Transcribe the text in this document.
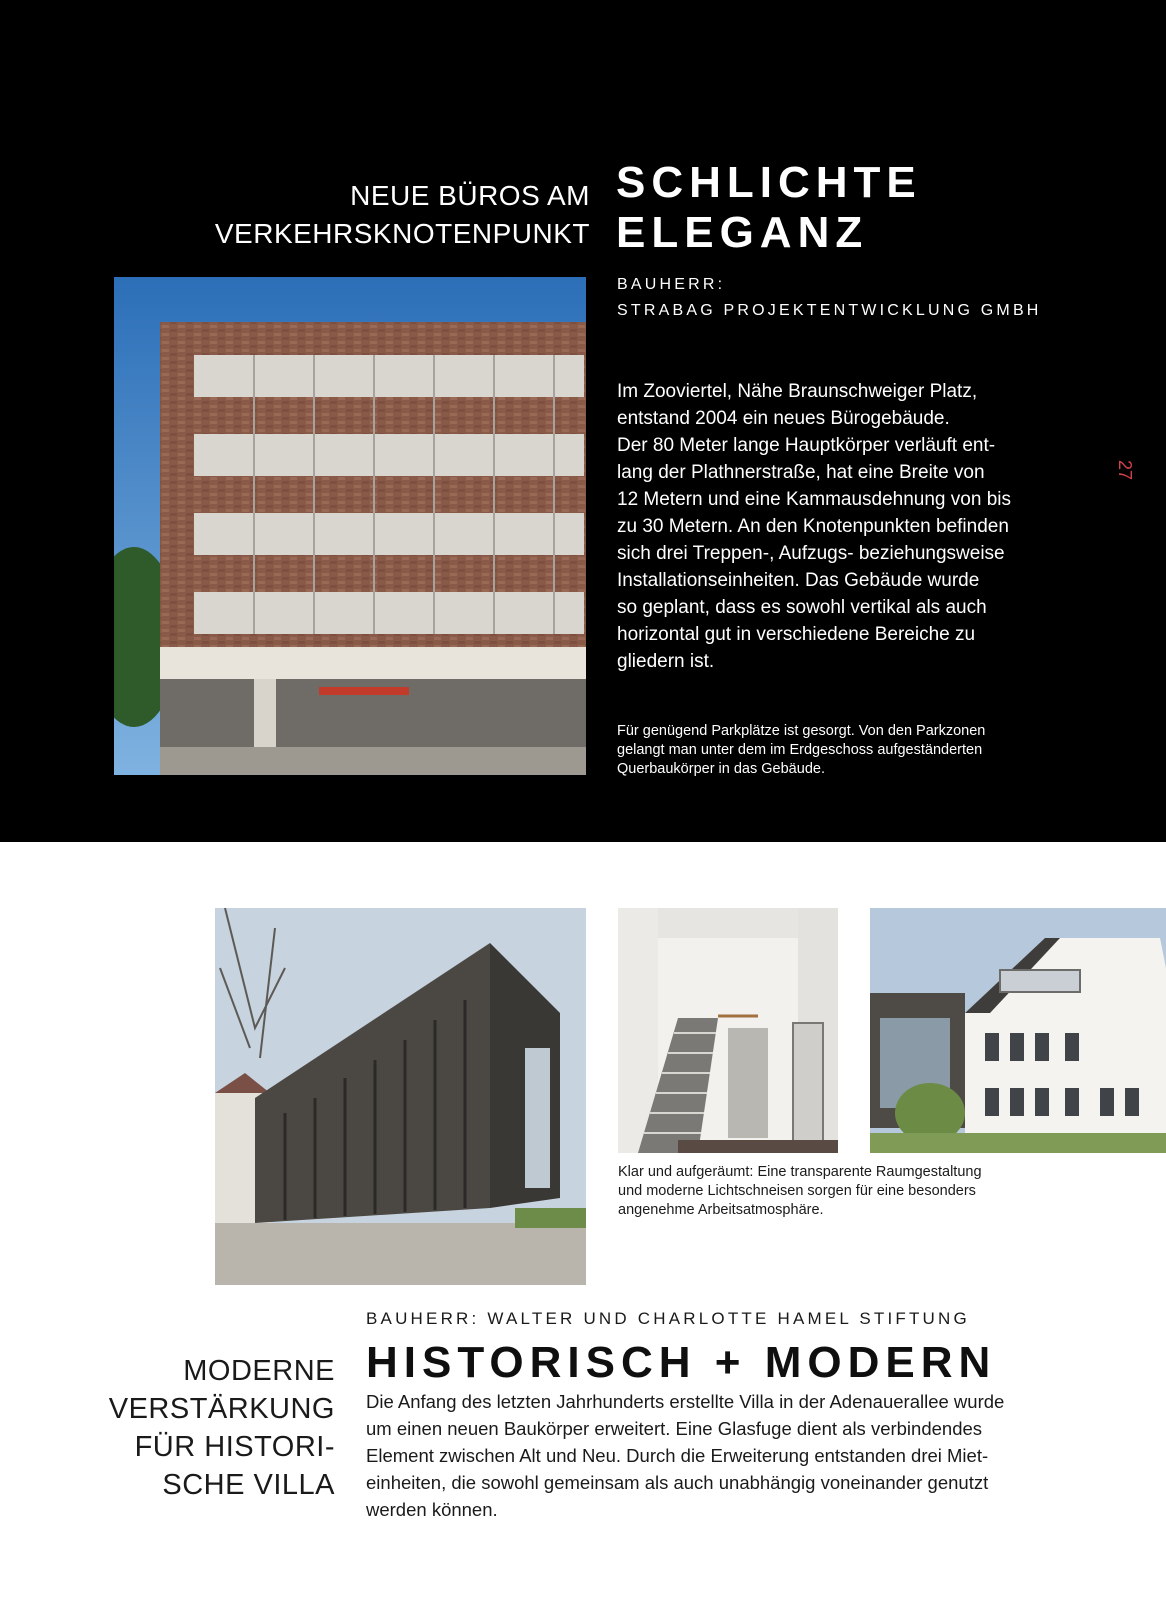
NEUE BÜROS AM
VERKEHRSKNOTENPUNKT
SCHLICHTE
ELEGANZ
BAUHERR:
STRABAG PROJEKTENTWICKLUNG GMBH
Im Zooviertel, Nähe Braunschweiger Platz,
entstand 2004 ein neues Bürogebäude.
Der 80 Meter lange Hauptkörper verläuft ent-
lang der Plathnerstraße, hat eine Breite von
12 Metern und eine Kammausdehnung von bis
zu 30 Metern. An den Knotenpunkten befinden
sich drei Treppen-, Aufzugs- beziehungsweise
Installationseinheiten. Das Gebäude wurde
so geplant, dass es sowohl vertikal als auch
horizontal gut in verschiedene Bereiche zu
gliedern ist.
Für genügend Parkplätze ist gesorgt. Von den Parkzonen
gelangt man unter dem im Erdgeschoss aufgeständerten
Querbaukörper in das Gebäude.
27
Klar und aufgeräumt: Eine transparente Raumgestaltung
und moderne Lichtschneisen sorgen für eine besonders
angenehme Arbeitsatmosphäre.
BAUHERR: WALTER UND CHARLOTTE HAMEL STIFTUNG
HISTORISCH + MODERN
MODERNE
VERSTÄRKUNG
FÜR HISTORI-
SCHE VILLA
Die Anfang des letzten Jahrhunderts erstellte Villa in der Adenauerallee wurde
um einen neuen Baukörper erweitert. Eine Glasfuge dient als verbindendes
Element zwischen Alt und Neu. Durch die Erweiterung entstanden drei Miet-
einheiten, die sowohl gemeinsam als auch unabhängig voneinander genutzt
werden können.
